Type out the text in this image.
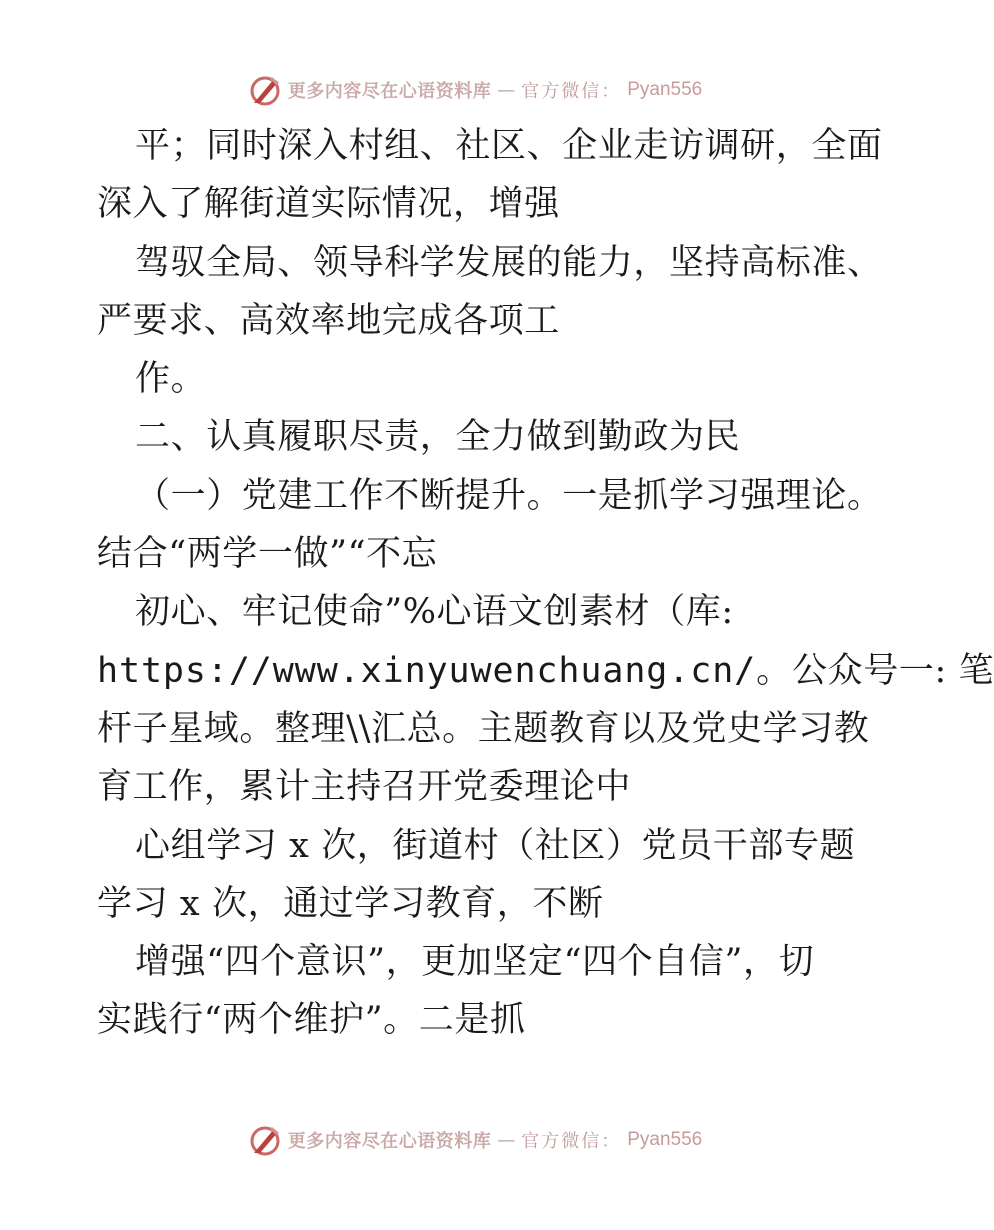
更多内容尽在心语资料库 — 官方微信： Pyan556
平；同时深入村组、社区、企业走访调研，全面
深入了解街道实际情况，增强
驾驭全局、领导科学发展的能力，坚持高标准、
严要求、高效率地完成各项工
作。
二、认真履职尽责，全力做到勤政为民
（一）党建工作不断提升。一是抓学习强理论。
结合“两学一做”“不忘
初心、牢记使命”%心语文创素材（库:
https://www.xinyuwenchuang.cn/。公众号一: 笔
杆子星域。整理\\汇总。主题教育以及党史学习教
育工作，累计主持召开党委理论中
心组学习 x 次，街道村（社区）党员干部专题
学习 x 次，通过学习教育，不断
增强“四个意识”，更加坚定“四个自信”，切
实践行“两个维护”。二是抓
更多内容尽在心语资料库 — 官方微信： Pyan556
